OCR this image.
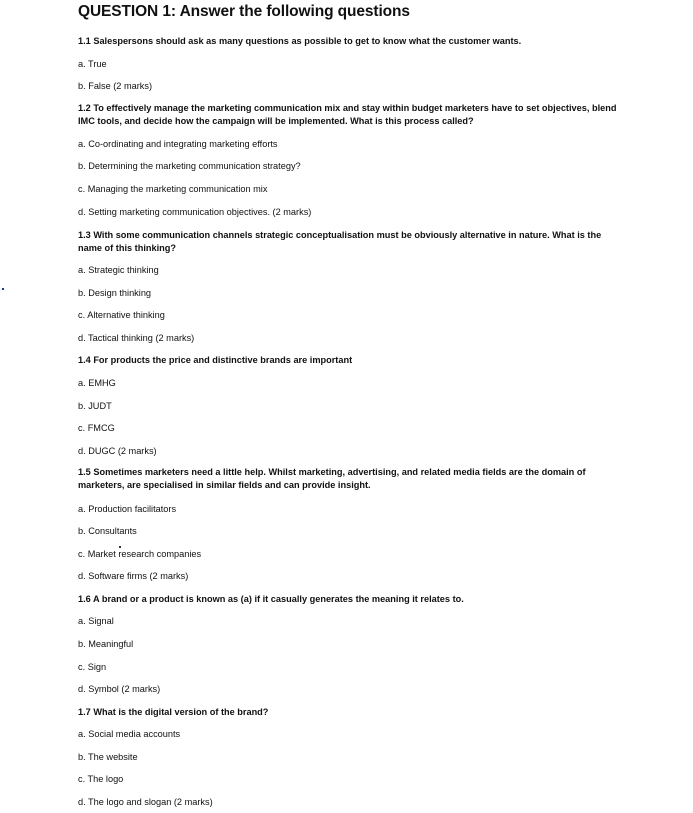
QUESTION 1: Answer the following questions
1.1 Salespersons should ask as many questions as possible to get to know what the customer wants.
a. True
b. False (2 marks)
1.2 To effectively manage the marketing communication mix and stay within budget marketers have to set objectives, blend IMC tools, and decide how the campaign will be implemented. What is this process called?
a. Co-ordinating and integrating marketing efforts
b. Determining the marketing communication strategy?
c. Managing the marketing communication mix
d. Setting marketing communication objectives. (2 marks)
1.3 With some communication channels strategic conceptualisation must be obviously alternative in nature. What is the name of this thinking?
a. Strategic thinking
b. Design thinking
c. Alternative thinking
d. Tactical thinking (2 marks)
1.4 For products the price and distinctive brands are important
a. EMHG
b. JUDT
c. FMCG
d. DUGC (2 marks)
1.5 Sometimes marketers need a little help. Whilst marketing, advertising, and related media fields are the domain of marketers, are specialised in similar fields and can provide insight.
a. Production facilitators
b. Consultants
c. Market research companies
d. Software firms (2 marks)
1.6 A brand or a product is known as (a) if it casually generates the meaning it relates to.
a. Signal
b. Meaningful
c. Sign
d. Symbol (2 marks)
1.7 What is the digital version of the brand?
a. Social media accounts
b. The website
c. The logo
d. The logo and slogan (2 marks)
